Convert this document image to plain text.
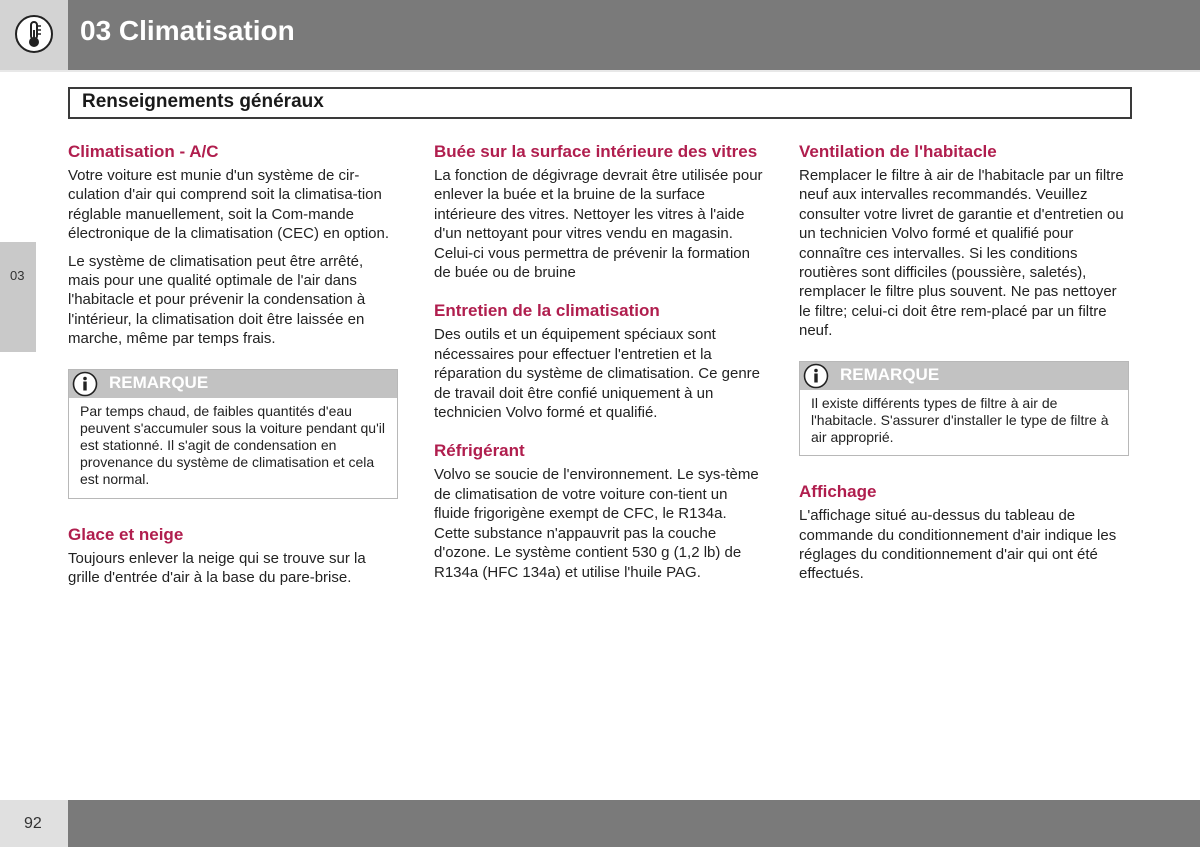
03 Climatisation
Renseignements généraux
03
Climatisation - A/C

Votre voiture est munie d'un système de cir-culation d'air qui comprend soit la climatisa-tion réglable manuellement, soit la Com-mande électronique de la climatisation (CEC) en option.

Le système de climatisation peut être arrêté, mais pour une qualité optimale de l'air dans l'habitacle et pour prévenir la condensation à l'intérieur, la climatisation doit être laissée en marche, même par temps frais.

REMARQUE
Par temps chaud, de faibles quantités d'eau peuvent s'accumuler sous la voiture pendant qu'il est stationné. Il s'agit de condensation en provenance du système de climatisation et cela est normal.
Glace et neige

Toujours enlever la neige qui se trouve sur la grille d'entrée d'air à la base du pare-brise.

Buée sur la surface intérieure des vitres

La fonction de dégivrage devrait être utilisée pour enlever la buée et la bruine de la surface intérieure des vitres. Nettoyer les vitres à l'aide d'un nettoyant pour vitres vendu en magasin. Celui-ci vous permettra de prévenir la formation de buée ou de bruine

Entretien de la climatisation

Des outils et un équipement spéciaux sont nécessaires pour effectuer l'entretien et la réparation du système de climatisation. Ce genre de travail doit être confié uniquement à un technicien Volvo formé et qualifié.

Réfrigérant

Volvo se soucie de l'environnement. Le sys-tème de climatisation de votre voiture con-tient un fluide frigorigène exempt de CFC, le R134a. Cette substance n'appauvrit pas la couche d'ozone. Le système contient 530 g (1,2 lb) de R134a (HFC 134a) et utilise l'huile PAG.

Ventilation de l'habitacle

Remplacer le filtre à air de l'habitacle par un filtre neuf aux intervalles recommandés. Veuillez consulter votre livret de garantie et d'entretien ou un technicien Volvo formé et qualifié pour connaître ces intervalles. Si les conditions routières sont difficiles (poussière, saletés), remplacer le filtre plus souvent. Ne pas nettoyer le filtre; celui-ci doit être rem-placé par un filtre neuf.

REMARQUE
Il existe différents types de filtre à air de l'habitacle. S'assurer d'installer le type de filtre à air approprié.
Affichage

L'affichage situé au-dessus du tableau de commande du conditionnement d'air indique les réglages du conditionnement d'air qui ont été effectués.

92
